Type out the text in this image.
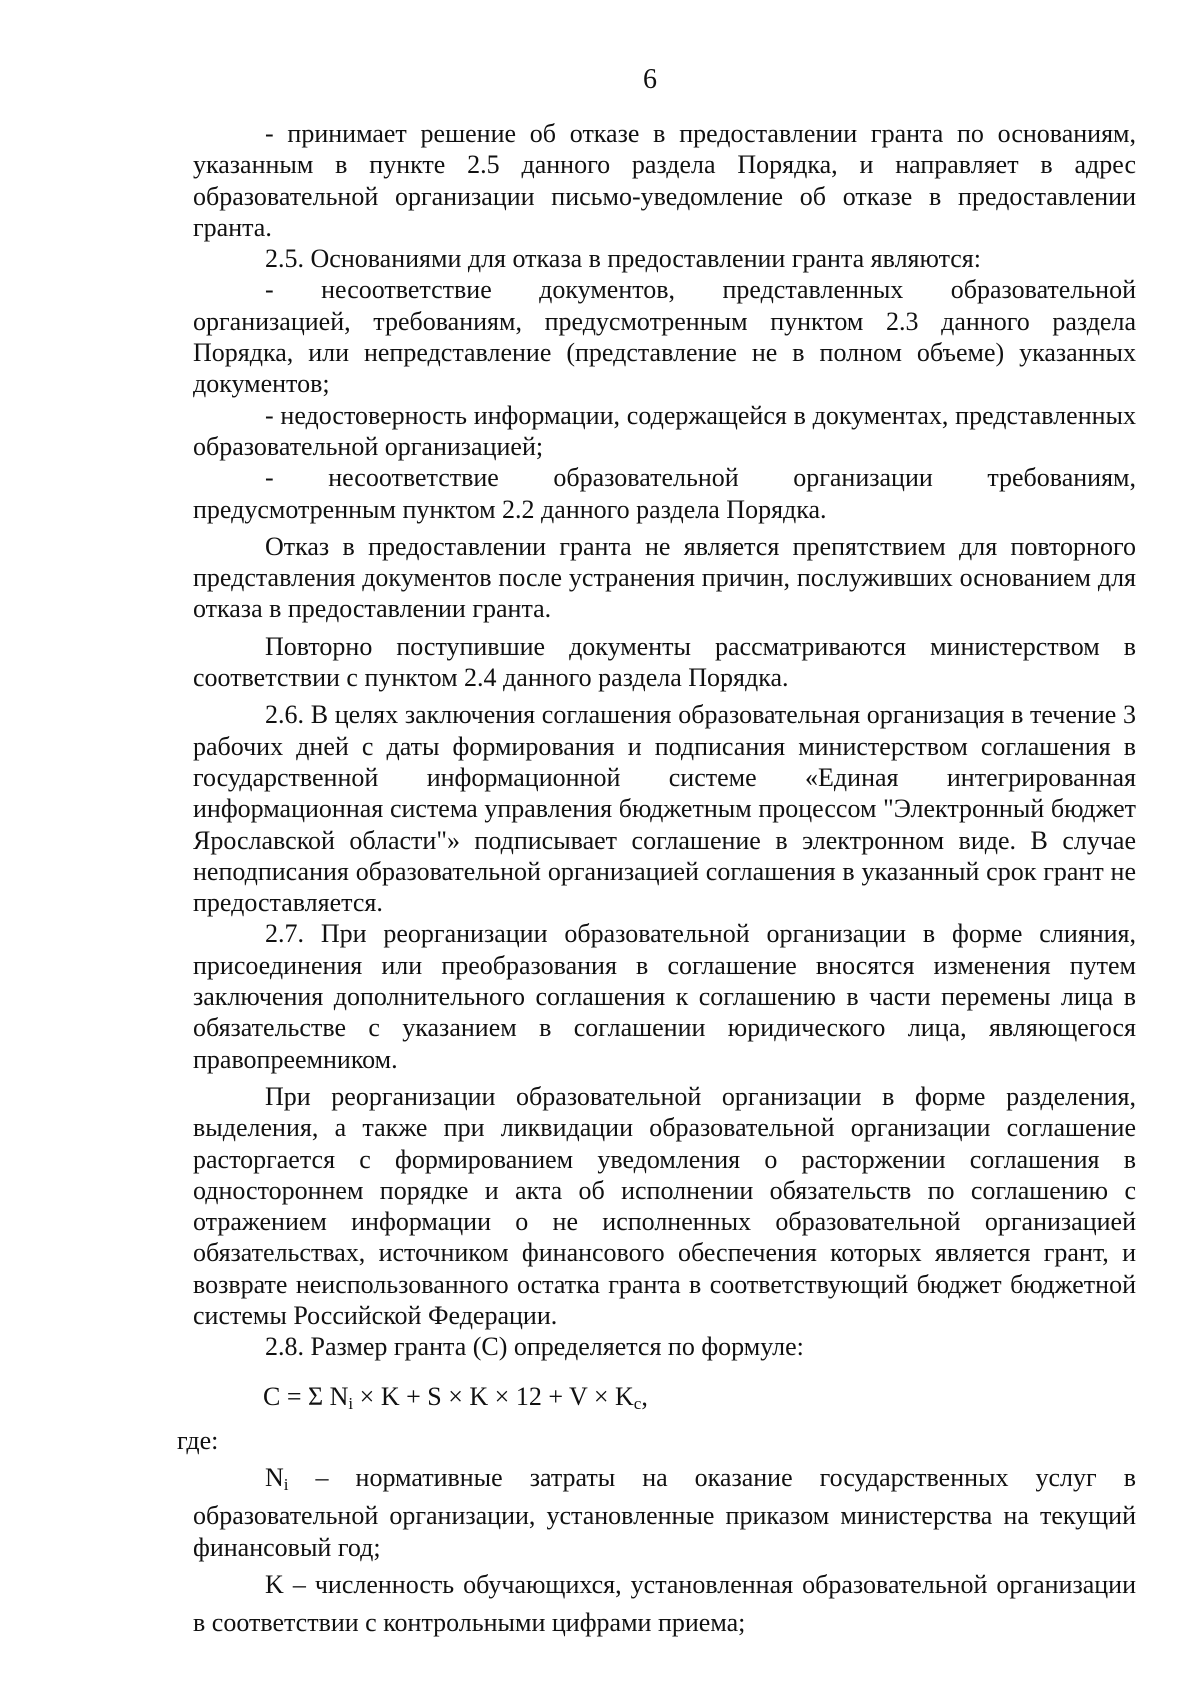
6

- принимает решение об отказе в предоставлении гранта по основаниям, указанным в пункте 2.5 данного раздела Порядка, и направляет в адрес образовательной организации письмо-уведомление об отказе в предоставлении гранта.

2.5. Основаниями для отказа в предоставлении гранта являются:

- несоответствие документов, представленных образовательной организацией, требованиям, предусмотренным пунктом 2.3 данного раздела Порядка, или непредставление (представление не в полном объеме) указанных документов;

- недостоверность информации, содержащейся в документах, представленных образовательной организацией;

- несоответствие образовательной организации требованиям, предусмотренным пунктом 2.2 данного раздела Порядка.

Отказ в предоставлении гранта не является препятствием для повторного представления документов после устранения причин, послуживших основанием для отказа в предоставлении гранта.

Повторно поступившие документы рассматриваются министерством в соответствии с пунктом 2.4 данного раздела Порядка.

2.6. В целях заключения соглашения образовательная организация в течение 3 рабочих дней с даты формирования и подписания министерством соглашения в государственной информационной системе «Единая интегрированная информационная система управления бюджетным процессом "Электронный бюджет Ярославской области"» подписывает соглашение в электронном виде. В случае неподписания образовательной организацией соглашения в указанный срок грант не предоставляется.

2.7. При реорганизации образовательной организации в форме слияния, присоединения или преобразования в соглашение вносятся изменения путем заключения дополнительного соглашения к соглашению в части перемены лица в обязательстве с указанием в соглашении юридического лица, являющегося правопреемником.

При реорганизации образовательной организации в форме разделения, выделения, а также при ликвидации образовательной организации соглашение расторгается с формированием уведомления о расторжении соглашения в одностороннем порядке и акта об исполнении обязательств по соглашению с отражением информации о не исполненных образовательной организацией обязательствах, источником финансового обеспечения которых является грант, и возврате неиспользованного остатка гранта в соответствующий бюджет бюджетной системы Российской Федерации.

2.8. Размер гранта (С) определяется по формуле:

С = Σ $N_i \times K + S \times K \times 12 + V \times K_c$,

где:

$N_i$ – нормативные затраты на оказание государственных услуг в образовательной организации, установленные приказом министерства на текущий финансовый год;

K – численность обучающихся, установленная образовательной организации в соответствии с контрольными цифрами приема;
